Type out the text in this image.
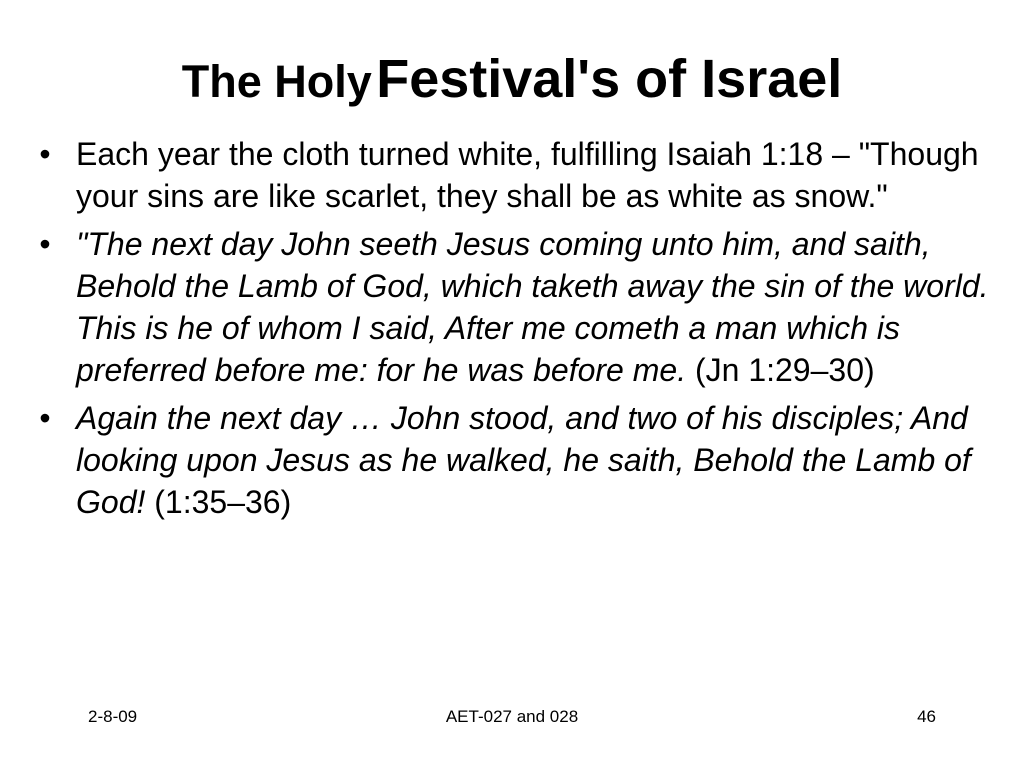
The Holy Festival's of Israel
• Each year the cloth turned white, fulfilling Isaiah 1:18 – "Though your sins are like scarlet, they shall be as white as snow."
• "The next day John seeth Jesus coming unto him, and saith, Behold the Lamb of God, which taketh away the sin of the world. This is he of whom I said, After me cometh a man which is preferred before me: for he was before me. (Jn 1:29–30)
• Again the next day … John stood, and two of his disciples; And looking upon Jesus as he walked, he saith, Behold the Lamb of God! (1:35–36)
2-8-09	AET-027 and 028	46
